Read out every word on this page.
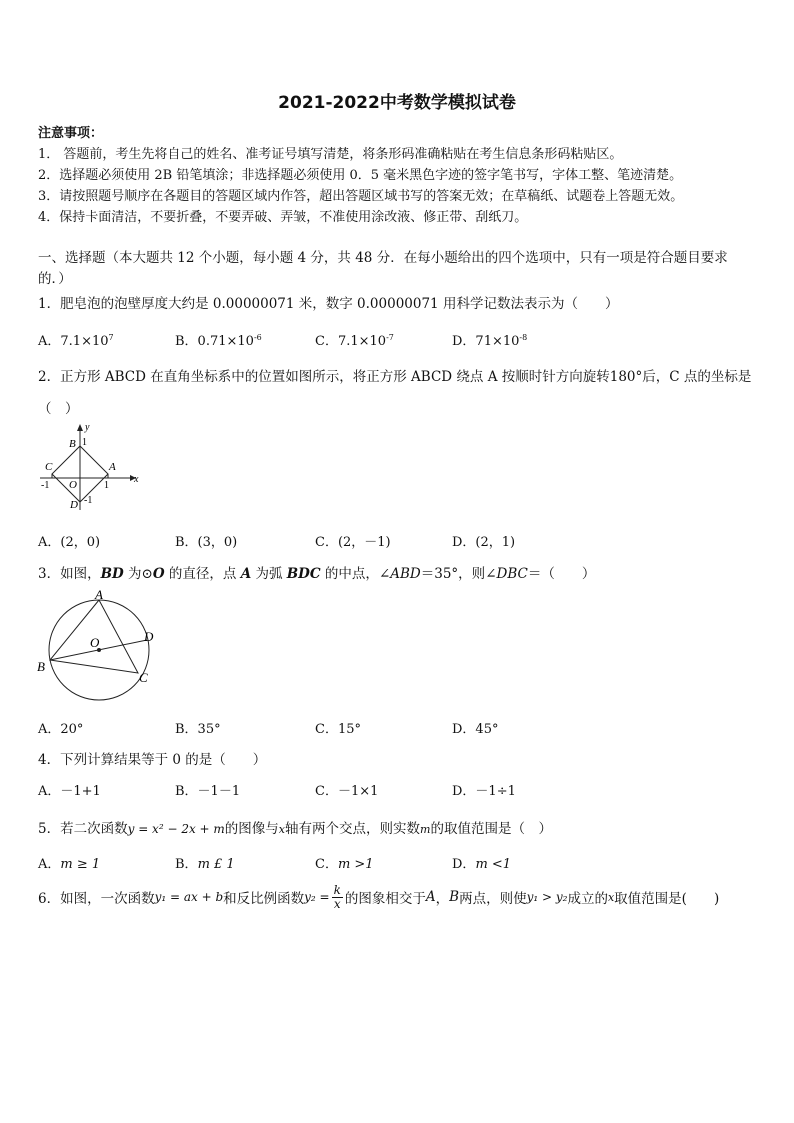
2021-2022中考数学模拟试卷
注意事项：
1． 答题前，考生先将自己的姓名、准考证号填写清楚，将条形码准确粘贴在考生信息条形码粘贴区。
2．选择题必须使用 2B 铅笔填涂；非选择题必须使用 0．5 毫米黑色字迹的签字笔书写，字体工整、笔迹清楚。
3．请按照题号顺序在各题目的答题区域内作答，超出答题区域书写的答案无效；在草稿纸、试题卷上答题无效。
4．保持卡面清洁，不要折叠，不要弄破、弄皱，不准使用涂改液、修正带、刮纸刀。
一、选择题（本大题共 12 个小题，每小题 4 分，共 48 分．在每小题给出的四个选项中，只有一项是符合题目要求
的．）
1．肥皂泡的泡壁厚度大约是 0.00000071 米，数字 0.00000071 用科学记数法表示为（　　）
A．$7.1\times 10^7$	B．$0.71\times 10^{-6}$	C．$7.1\times 10^{-7}$	D．$71\times 10^{-8}$
2．正方形 ABCD 在直角坐标系中的位置如图所示，将正方形 ABCD 绕点 A 按顺时针方向旋转180°后，C 点的坐标是
（　）
y
x
B 1
C	A
-1 O	1
D -1
A．(2，0)	B．(3，0)	C．(2，－1)	D．(2，1)
3．如图，BD 为⊙O 的直径，点 A 为弧 BDC 的中点，∠ABD＝35°，则∠DBC＝（　　）
A
O	D
B
C
A．20°	B．35°	C．15°	D．45°
4．下列计算结果等于 0 的是（　　）
A．－1+1	B．－1－1	C．－1×1	D．－1÷1
5．若二次函数y = x² − 2x + m的图像与x轴有两个交点，则实数m的取值范围是（　）
A．m ≥ 1	B．m £ 1	C．m >1	D．m <1
6．如图，一次函数 y₁ = ax + b 和反比例函数 $y_2 = \frac{k}{x}$ 的图象相交于 A ， B 两点，则使 y₁ > y₂ 成立的 x 取值范围是(　　)
